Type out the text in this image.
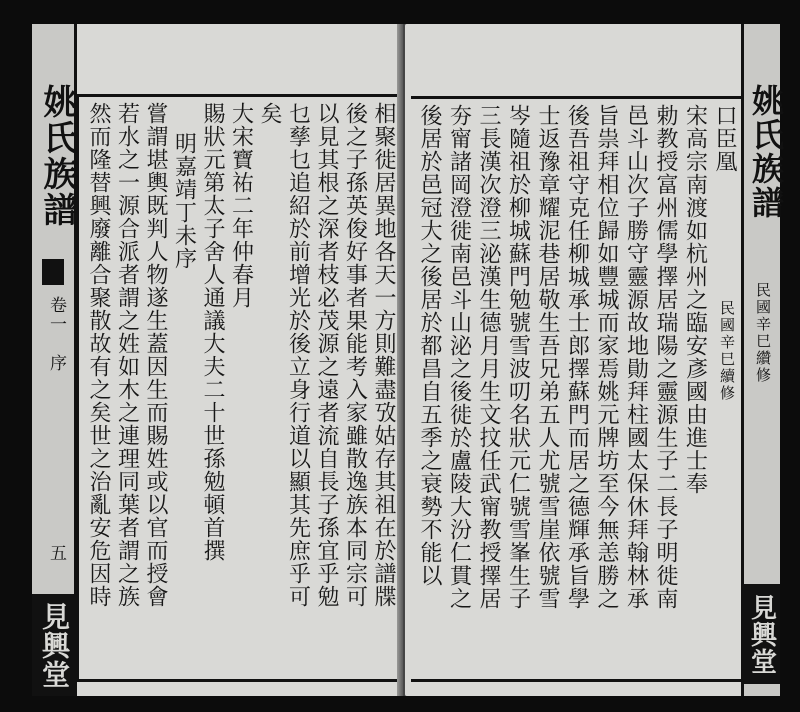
姚氏族譜
卷一
序
五
見興堂
相聚徙居異地各天一方則難盡攷姑存其祖在於譜牒
後之子孫英俊好事者果能考入家雖散逸族本同宗可
以見其根之深者枝必茂源之遠者流自長子孫宜乎勉
乜孳乜追紹於前增光於後立身行道以顯其先庶乎可
矣
大宋寶祐二年仲春月
賜狀元第太子舍人通議大夫二十世孫勉頓首撰
明嘉靖丁未序
嘗謂堪輿既判人物遂生蓋因生而賜姓或以官而授會
若水之一源合派者謂之姓如木之連理同葉者謂之族
然而隆替興廢離合聚散故有之矣世之治亂安危因時	口臣凰
宋高宗南渡如杭州之臨安彥國由進士奉
勅教授富州儒學擇居瑞陽之靈源生子二長子明徙南
邑斗山次子勝守靈源故地勛拜柱國太保休拜翰林承
旨祟拜相位歸如豐城而家焉姚元牌坊至今無恙勝之
後吾祖守克任柳城承士郎擇蘇門而居之德輝承旨學
士返豫章耀泥巷居敬生吾兄弟五人尤號雪崖依號雪
岑隨祖於柳城蘇門勉號雪波叨名狀元仁號雪峯生子
三長漢次澄三泌漢生德月月生文抆任武甯教授擇居
夯甯諸岡澄徙南邑斗山泌之後徙於盧陵大汾仁貫之
後居於邑冠大之後居於都昌自五季之衰勢不能以	姚氏族譜
民國辛巳纘修
民國辛巳續修
見興堂
